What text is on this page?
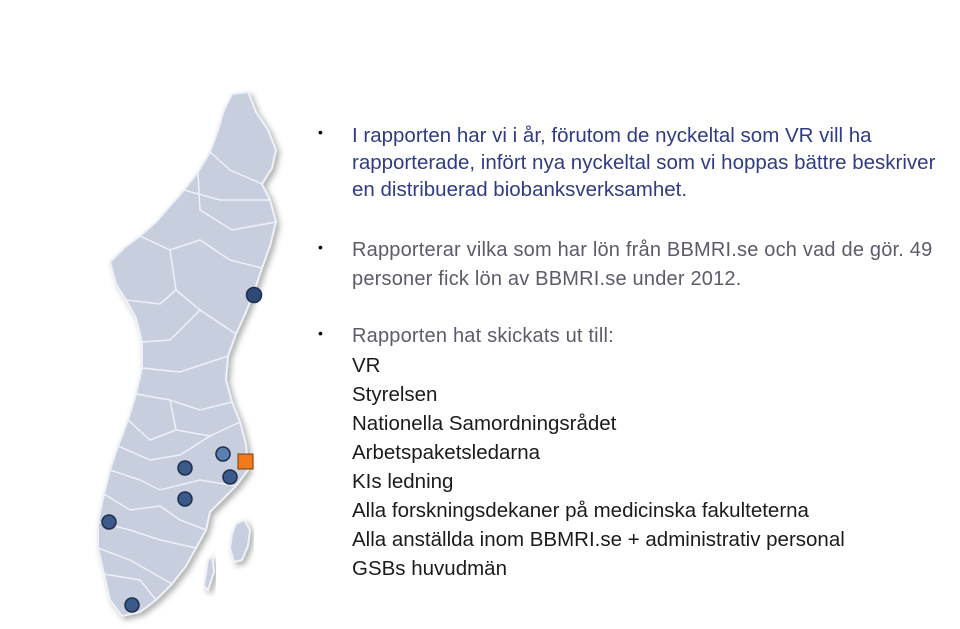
• I rapporten har vi i år, förutom de nyckeltal som VR vill ha rapporterade, infört nya nyckeltal som vi hoppas bättre beskriver en distribuerad biobanksverksamhet.
• Rapporterar vilka som har lön från BBMRI.se och vad de gör. 49 personer fick lön av BBMRI.se under 2012.
• Rapporten hat skickats ut till:
VR
Styrelsen
Nationella Samordningsrådet
Arbetspaketsledarna
KIs ledning
Alla forskningsdekaner på medicinska fakulteterna
Alla anställda inom BBMRI.se + administrativ personal
GSBs huvudmän
